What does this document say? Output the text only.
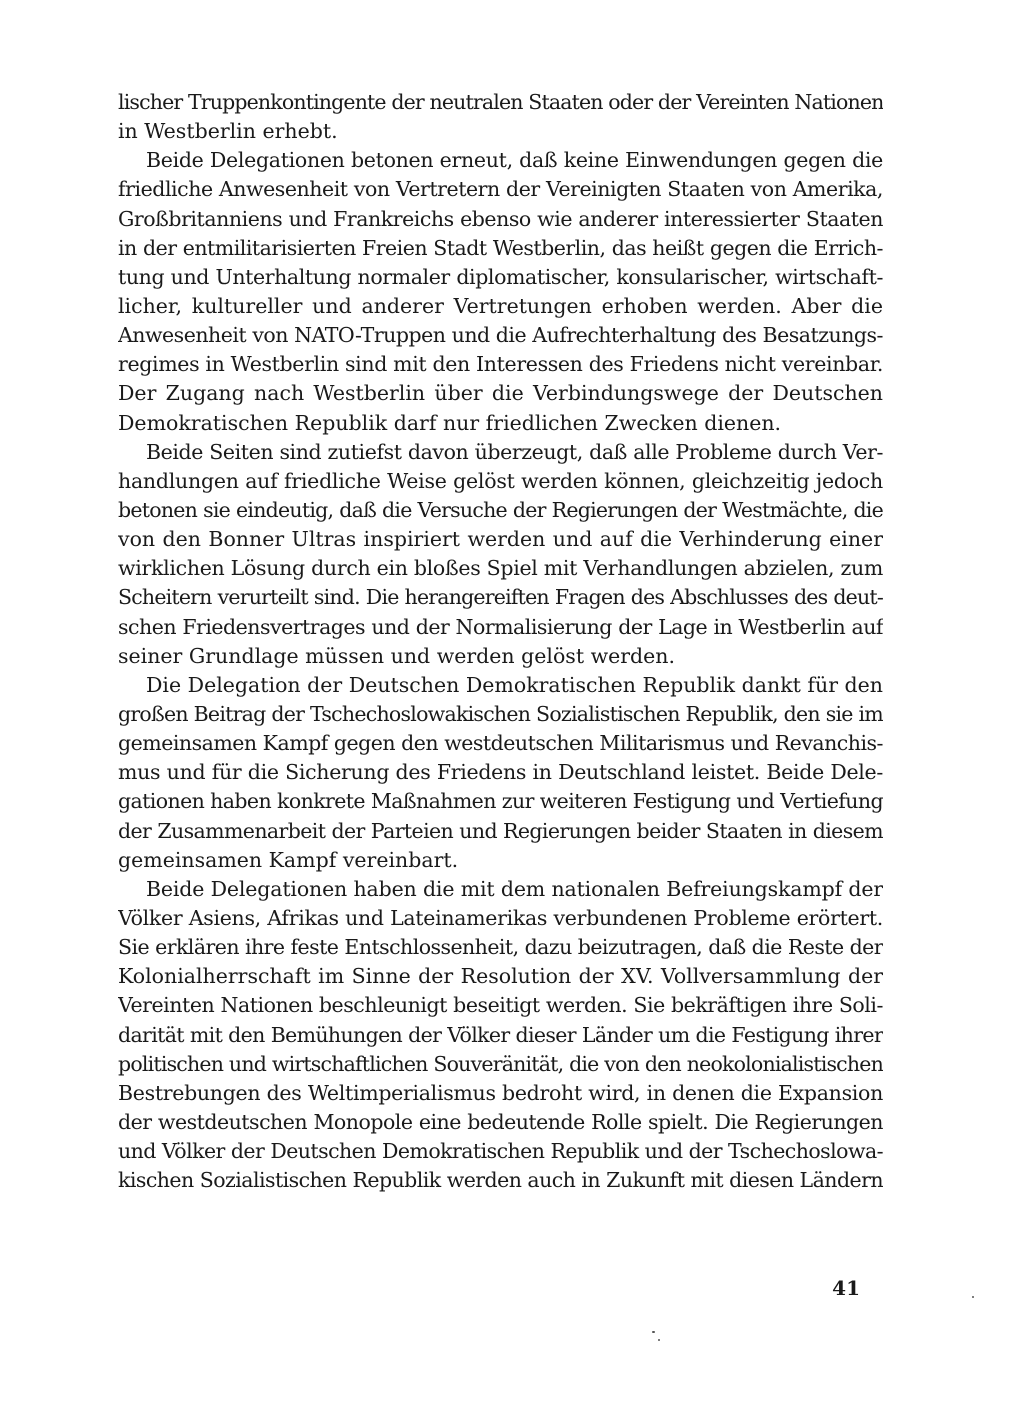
lischer Truppenkontingente der neutralen Staaten oder der Vereinten Nationen
in Westberlin erhebt.
Beide Delegationen betonen erneut, daß keine Einwendungen gegen die
friedliche Anwesenheit von Vertretern der Vereinigten Staaten von Amerika,
Großbritanniens und Frankreichs ebenso wie anderer interessierter Staaten
in der entmilitarisierten Freien Stadt Westberlin, das heißt gegen die Errich-
tung und Unterhaltung normaler diplomatischer, konsularischer, wirtschaft-
licher, kultureller und anderer Vertretungen erhoben werden. Aber die
Anwesenheit von NATO-Truppen und die Aufrechterhaltung des Besatzungs-
regimes in Westberlin sind mit den Interessen des Friedens nicht vereinbar.
Der Zugang nach Westberlin über die Verbindungswege der Deutschen
Demokratischen Republik darf nur friedlichen Zwecken dienen.
Beide Seiten sind zutiefst davon überzeugt, daß alle Probleme durch Ver-
handlungen auf friedliche Weise gelöst werden können, gleichzeitig jedoch
betonen sie eindeutig, daß die Versuche der Regierungen der Westmächte, die
von den Bonner Ultras inspiriert werden und auf die Verhinderung einer
wirklichen Lösung durch ein bloßes Spiel mit Verhandlungen abzielen, zum
Scheitern verurteilt sind. Die herangereiften Fragen des Abschlusses des deut-
schen Friedensvertrages und der Normalisierung der Lage in Westberlin auf
seiner Grundlage müssen und werden gelöst werden.
Die Delegation der Deutschen Demokratischen Republik dankt für den
großen Beitrag der Tschechoslowakischen Sozialistischen Republik, den sie im
gemeinsamen Kampf gegen den westdeutschen Militarismus und Revanchis-
mus und für die Sicherung des Friedens in Deutschland leistet. Beide Dele-
gationen haben konkrete Maßnahmen zur weiteren Festigung und Vertiefung
der Zusammenarbeit der Parteien und Regierungen beider Staaten in diesem
gemeinsamen Kampf vereinbart.
Beide Delegationen haben die mit dem nationalen Befreiungskampf der
Völker Asiens, Afrikas und Lateinamerikas verbundenen Probleme erörtert.
Sie erklären ihre feste Entschlossenheit, dazu beizutragen, daß die Reste der
Kolonialherrschaft im Sinne der Resolution der XV. Vollversammlung der
Vereinten Nationen beschleunigt beseitigt werden. Sie bekräftigen ihre Soli-
darität mit den Bemühungen der Völker dieser Länder um die Festigung ihrer
politischen und wirtschaftlichen Souveränität, die von den neokolonialistischen
Bestrebungen des Weltimperialismus bedroht wird, in denen die Expansion
der westdeutschen Monopole eine bedeutende Rolle spielt. Die Regierungen
und Völker der Deutschen Demokratischen Republik und der Tschechoslowa-
kischen Sozialistischen Republik werden auch in Zukunft mit diesen Ländern
41
